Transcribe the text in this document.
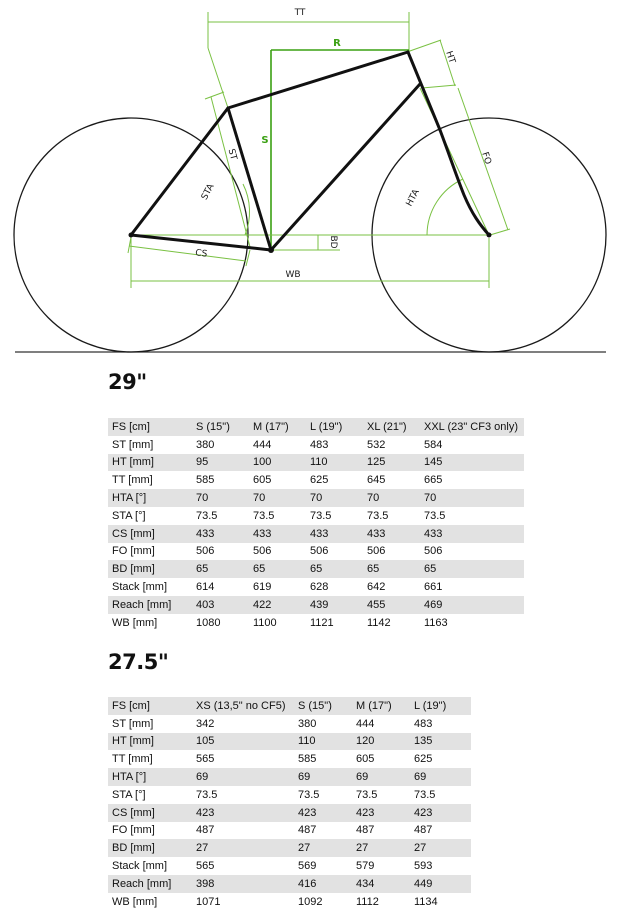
TT
R
S
HT
ST
STA
FO
HTA
BD
CS
WB
29"
FS [cm]	S (15")	M (17")	L (19")	XL (21")	XXL (23" CF3 only)
ST [mm]	380	444	483	532	584
HT [mm]	95	100	110	125	145
TT [mm]	585	605	625	645	665
HTA [°]	70	70	70	70	70
STA [°]	73.5	73.5	73.5	73.5	73.5
CS [mm]	433	433	433	433	433
FO [mm]	506	506	506	506	506
BD [mm]	65	65	65	65	65
Stack [mm]	614	619	628	642	661
Reach [mm]	403	422	439	455	469
WB [mm]	1080	1100	1121	1142	1163
27.5"
FS [cm]	XS (13,5" no CF5)	S (15")	M (17")	L (19")
ST [mm]	342	380	444	483
HT [mm]	105	110	120	135
TT [mm]	565	585	605	625
HTA [°]	69	69	69	69
STA [°]	73.5	73.5	73.5	73.5
CS [mm]	423	423	423	423
FO [mm]	487	487	487	487
BD [mm]	27	27	27	27
Stack [mm]	565	569	579	593
Reach [mm]	398	416	434	449
WB [mm]	1071	1092	1112	1134
